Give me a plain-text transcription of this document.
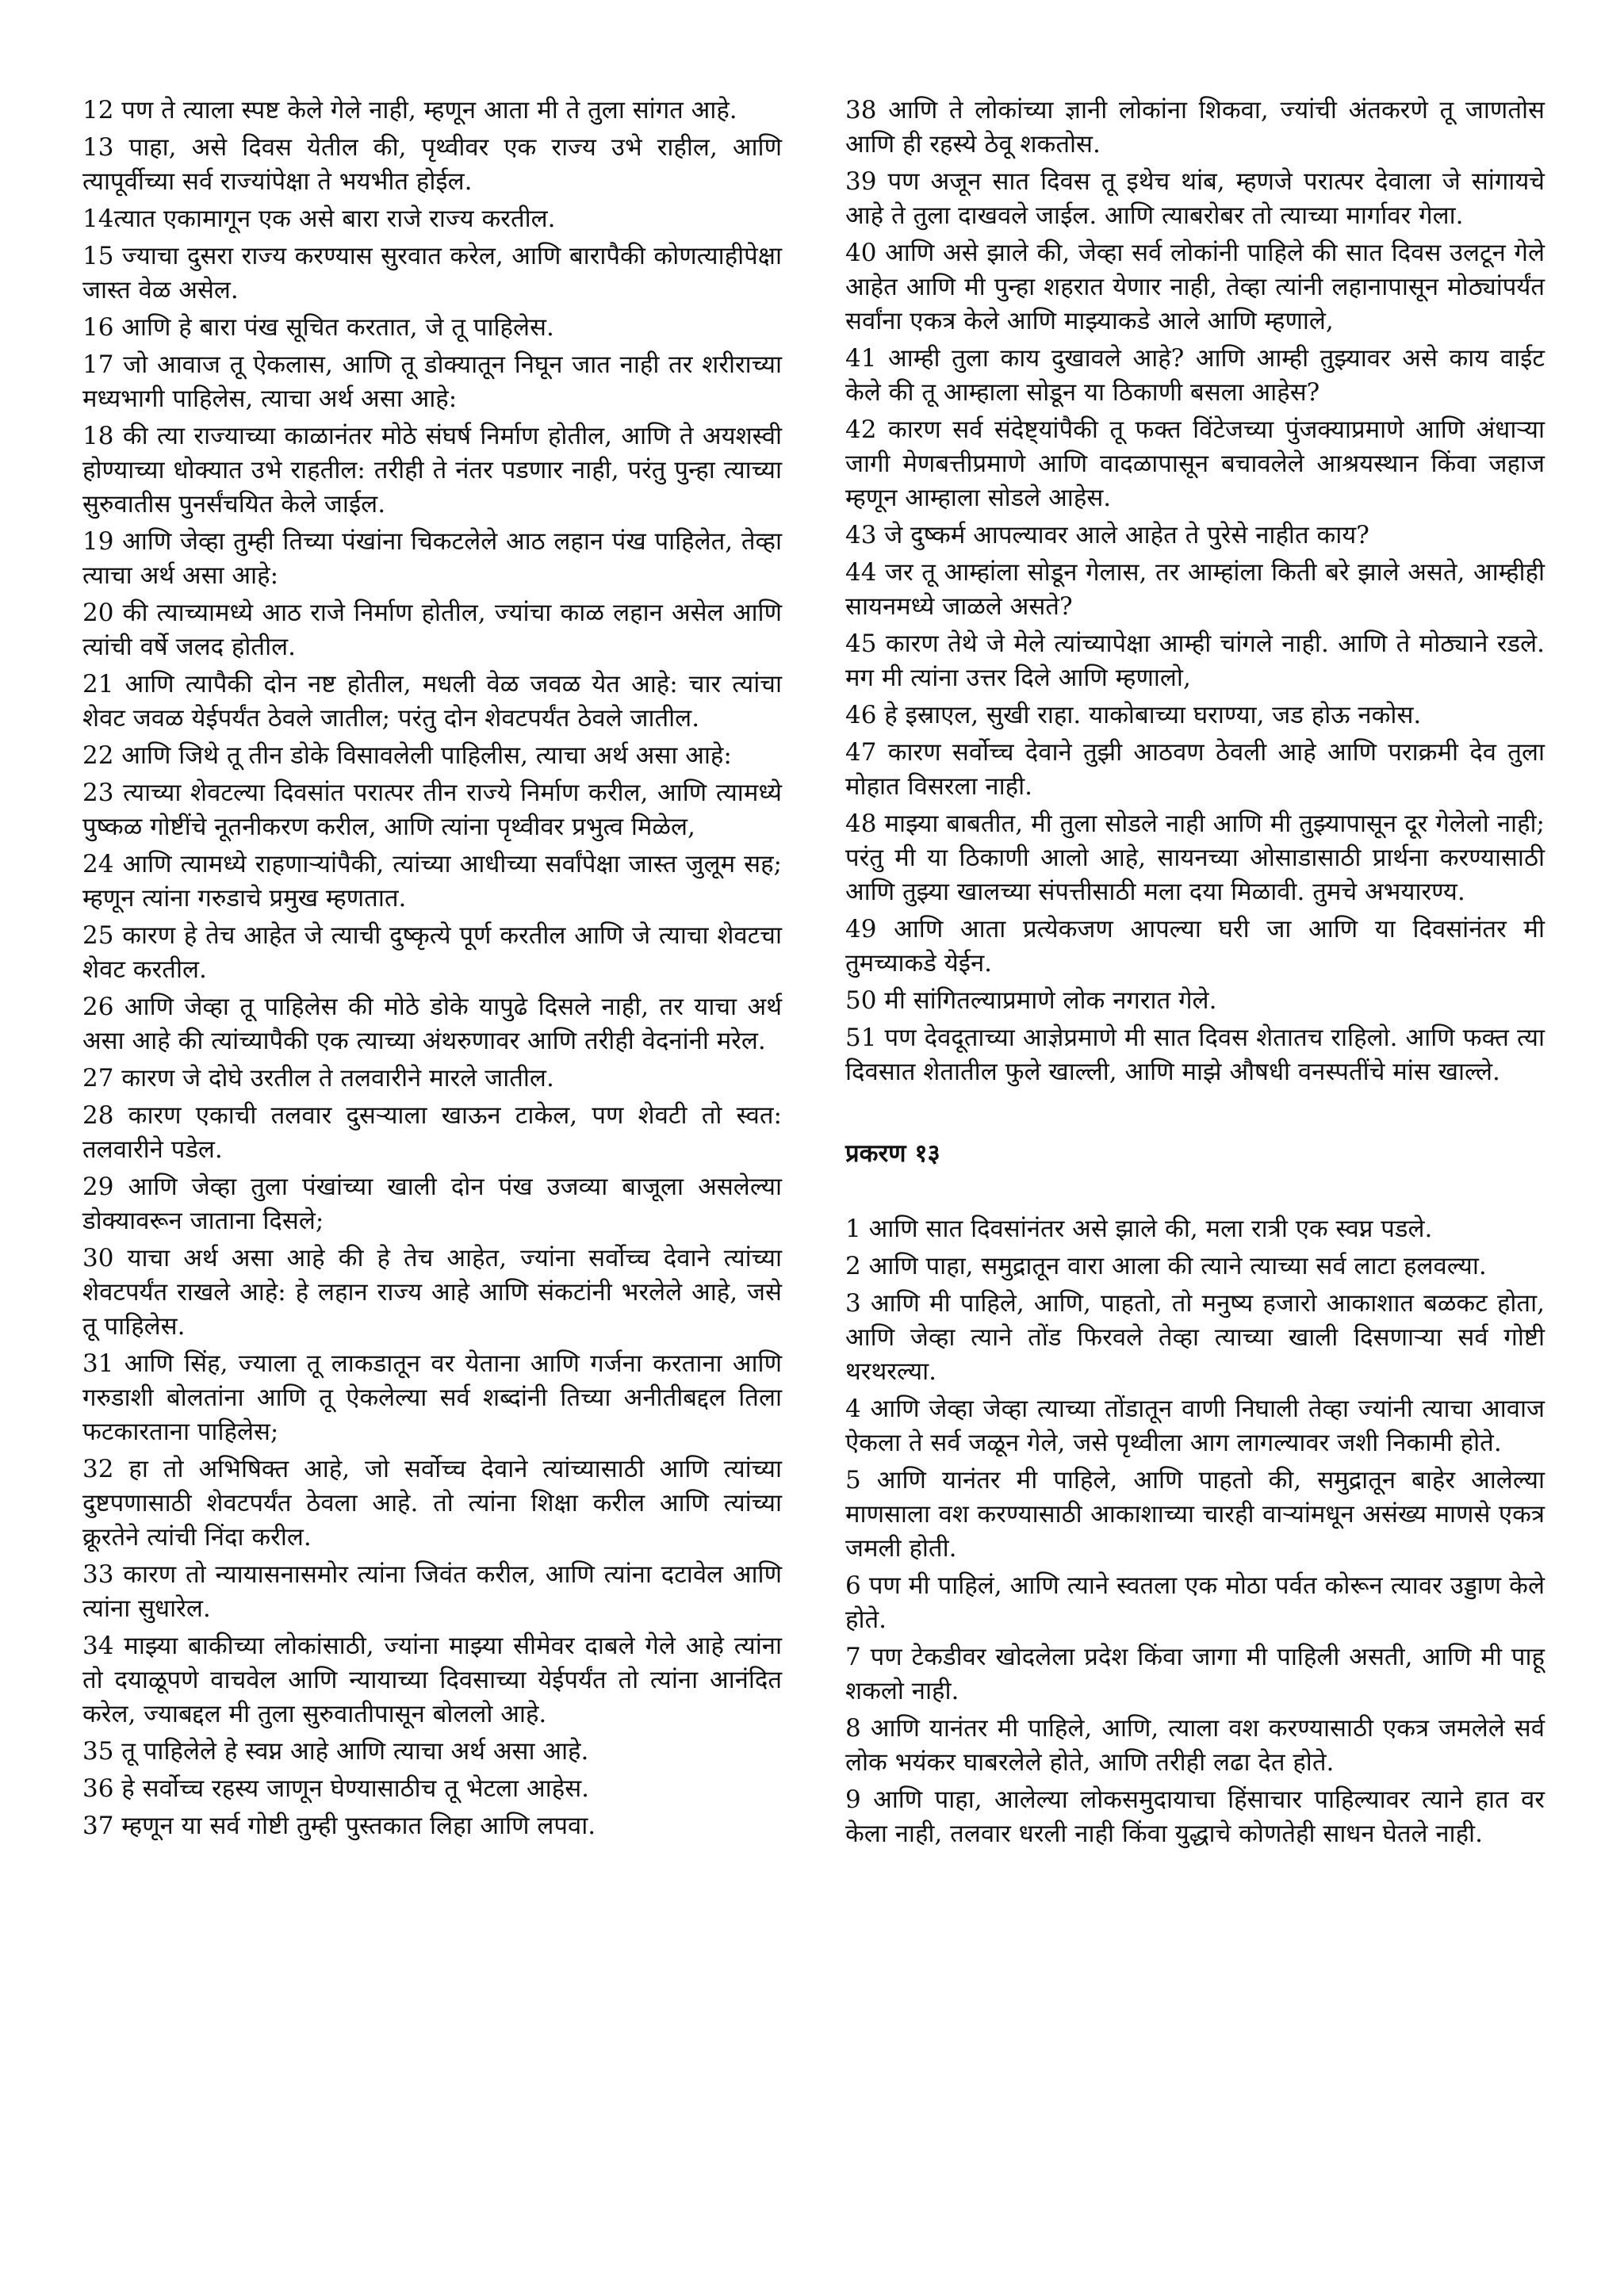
12 पण ते त्याला स्पष्ट केले गेले नाही, म्हणून आता मी ते तुला सांगत आहे.

13 पाहा, असे दिवस येतील की, पृथ्वीवर एक राज्य उभे राहील, आणि त्यापूर्वीच्या सर्व राज्यांपेक्षा ते भयभीत होईल.

14त्यात एकामागून एक असे बारा राजे राज्य करतील.

15 ज्याचा दुसरा राज्य करण्यास सुरवात करेल, आणि बारापैकी कोणत्याहीपेक्षा जास्त वेळ असेल.

16 आणि हे बारा पंख सूचित करतात, जे तू पाहिलेस.

17 जो आवाज तू ऐकलास, आणि तू डोक्यातून निघून जात नाही तर शरीराच्या मध्यभागी पाहिलेस, त्याचा अर्थ असा आहे:

18 की त्या राज्याच्या काळानंतर मोठे संघर्ष निर्माण होतील, आणि ते अयशस्वी होण्याच्या धोक्यात उभे राहतील: तरीही ते नंतर पडणार नाही, परंतु पुन्हा त्याच्या सुरुवातीस पुनर्संचयित केले जाईल.

19 आणि जेव्हा तुम्ही तिच्या पंखांना चिकटलेले आठ लहान पंख पाहिलेत, तेव्हा त्याचा अर्थ असा आहे:

20 की त्याच्यामध्ये आठ राजे निर्माण होतील, ज्यांचा काळ लहान असेल आणि त्यांची वर्षे जलद होतील.

21 आणि त्यापैकी दोन नष्ट होतील, मधली वेळ जवळ येत आहे: चार त्यांचा शेवट जवळ येईपर्यंत ठेवले जातील; परंतु दोन शेवटपर्यंत ठेवले जातील.

22 आणि जिथे तू तीन डोके विसावलेली पाहिलीस, त्याचा अर्थ असा आहे:

23 त्याच्या शेवटल्या दिवसांत परात्पर तीन राज्ये निर्माण करील, आणि त्यामध्ये पुष्कळ गोष्टींचे नूतनीकरण करील, आणि त्यांना पृथ्वीवर प्रभुत्व मिळेल,

24 आणि त्यामध्ये राहणाऱ्यांपैकी, त्यांच्या आधीच्या सर्वांपेक्षा जास्त जुलूम सह; म्हणून त्यांना गरुडाचे प्रमुख म्हणतात.

25 कारण हे तेच आहेत जे त्याची दुष्कृत्ये पूर्ण करतील आणि जे त्याचा शेवटचा शेवट करतील.

26 आणि जेव्हा तू पाहिलेस की मोठे डोके यापुढे दिसले नाही, तर याचा अर्थ असा आहे की त्यांच्यापैकी एक त्याच्या अंथरुणावर आणि तरीही वेदनांनी मरेल.

27 कारण जे दोघे उरतील ते तलवारीने मारले जातील.

28 कारण एकाची तलवार दुसऱ्याला खाऊन टाकेल, पण शेवटी तो स्वत: तलवारीने पडेल.

29 आणि जेव्हा तुला पंखांच्या खाली दोन पंख उजव्या बाजूला असलेल्या डोक्यावरून जाताना दिसले;

30 याचा अर्थ असा आहे की हे तेच आहेत, ज्यांना सर्वोच्च देवाने त्यांच्या शेवटपर्यंत राखले आहे: हे लहान राज्य आहे आणि संकटांनी भरलेले आहे, जसे तू पाहिलेस.

31 आणि सिंह, ज्याला तू लाकडातून वर येताना आणि गर्जना करताना आणि गरुडाशी बोलतांना आणि तू ऐकलेल्या सर्व शब्दांनी तिच्या अनीतीबद्दल तिला फटकारताना पाहिलेस;

32 हा तो अभिषिक्त आहे, जो सर्वोच्च देवाने त्यांच्यासाठी आणि त्यांच्या दुष्टपणासाठी शेवटपर्यंत ठेवला आहे. तो त्यांना शिक्षा करील आणि त्यांच्या क्रूरतेने त्यांची निंदा करील.

33 कारण तो न्यायासनासमोर त्यांना जिवंत करील, आणि त्यांना दटावेल आणि त्यांना सुधारेल.

34 माझ्या बाकीच्या लोकांसाठी, ज्यांना माझ्या सीमेवर दाबले गेले आहे त्यांना तो दयाळूपणे वाचवेल आणि न्यायाच्या दिवसाच्या येईपर्यंत तो त्यांना आनंदित करेल, ज्याबद्दल मी तुला सुरुवातीपासून बोललो आहे.

35 तू पाहिलेले हे स्वप्न आहे आणि त्याचा अर्थ असा आहे.

36 हे सर्वोच्च रहस्य जाणून घेण्यासाठीच तू भेटला आहेस.

37 म्हणून या सर्व गोष्टी तुम्ही पुस्तकात लिहा आणि लपवा.

38 आणि ते लोकांच्या ज्ञानी लोकांना शिकवा, ज्यांची अंतकरणे तू जाणतोस आणि ही रहस्ये ठेवू शकतोस.

39 पण अजून सात दिवस तू इथेच थांब, म्हणजे परात्पर देवाला जे सांगायचे आहे ते तुला दाखवले जाईल. आणि त्याबरोबर तो त्याच्या मार्गावर गेला.

40 आणि असे झाले की, जेव्हा सर्व लोकांनी पाहिले की सात दिवस उलटून गेले आहेत आणि मी पुन्हा शहरात येणार नाही, तेव्हा त्यांनी लहानापासून मोठ्यांपर्यंत सर्वांना एकत्र केले आणि माझ्याकडे आले आणि म्हणाले,

41 आम्ही तुला काय दुखावले आहे? आणि आम्ही तुझ्यावर असे काय वाईट केले की तू आम्हाला सोडून या ठिकाणी बसला आहेस?

42 कारण सर्व संदेष्ट्यांपैकी तू फक्त विंटेजच्या पुंजक्याप्रमाणे आणि अंधाऱ्या जागी मेणबत्तीप्रमाणे आणि वादळापासून बचावलेले आश्रयस्थान किंवा जहाज म्हणून आम्हाला सोडले आहेस.

43 जे दुष्कर्म आपल्यावर आले आहेत ते पुरेसे नाहीत काय?

44 जर तू आम्हांला सोडून गेलास, तर आम्हांला किती बरे झाले असते, आम्हीही सायनमध्ये जाळले असते?

45 कारण तेथे जे मेले त्यांच्यापेक्षा आम्ही चांगले नाही. आणि ते मोठ्याने रडले. मग मी त्यांना उत्तर दिले आणि म्हणालो,

46 हे इस्राएल, सुखी राहा. याकोबाच्या घराण्या, जड होऊ नकोस.

47 कारण सर्वोच्च देवाने तुझी आठवण ठेवली आहे आणि पराक्रमी देव तुला मोहात विसरला नाही.

48 माझ्या बाबतीत, मी तुला सोडले नाही आणि मी तुझ्यापासून दूर गेलेलो नाही; परंतु मी या ठिकाणी आलो आहे, सायनच्या ओसाडासाठी प्रार्थना करण्यासाठी आणि तुझ्या खालच्या संपत्तीसाठी मला दया मिळावी. तुमचे अभयारण्य.

49 आणि आता प्रत्येकजण आपल्या घरी जा आणि या दिवसांनंतर मी तुमच्याकडे येईन.

50 मी सांगितल्याप्रमाणे लोक नगरात गेले.

51 पण देवदूताच्या आज्ञेप्रमाणे मी सात दिवस शेतातच राहिलो. आणि फक्त त्या दिवसात शेतातील फुले खाल्ली, आणि माझे औषधी वनस्पतींचे मांस खाल्ले.

प्रकरण १३

1 आणि सात दिवसांनंतर असे झाले की, मला रात्री एक स्वप्न पडले.

2 आणि पाहा, समुद्रातून वारा आला की त्याने त्याच्या सर्व लाटा हलवल्या.

3 आणि मी पाहिले, आणि, पाहतो, तो मनुष्य हजारो आकाशात बळकट होता, आणि जेव्हा त्याने तोंड फिरवले तेव्हा त्याच्या खाली दिसणाऱ्या सर्व गोष्टी थरथरल्या.

4 आणि जेव्हा जेव्हा त्याच्या तोंडातून वाणी निघाली तेव्हा ज्यांनी त्याचा आवाज ऐकला ते सर्व जळून गेले, जसे पृथ्वीला आग लागल्यावर जशी निकामी होते.

5 आणि यानंतर मी पाहिले, आणि पाहतो की, समुद्रातून बाहेर आलेल्या माणसाला वश करण्यासाठी आकाशाच्या चारही वाऱ्यांमधून असंख्य माणसे एकत्र जमली होती.

6 पण मी पाहिलं, आणि त्याने स्वतला एक मोठा पर्वत कोरून त्यावर उड्डाण केले होते.

7 पण टेकडीवर खोदलेला प्रदेश किंवा जागा मी पाहिली असती, आणि मी पाहू शकलो नाही.

8 आणि यानंतर मी पाहिले, आणि, त्याला वश करण्यासाठी एकत्र जमलेले सर्व लोक भयंकर घाबरलेले होते, आणि तरीही लढा देत होते.

9 आणि पाहा, आलेल्या लोकसमुदायाचा हिंसाचार पाहिल्यावर त्याने हात वर केला नाही, तलवार धरली नाही किंवा युद्धाचे कोणतेही साधन घेतले नाही.
